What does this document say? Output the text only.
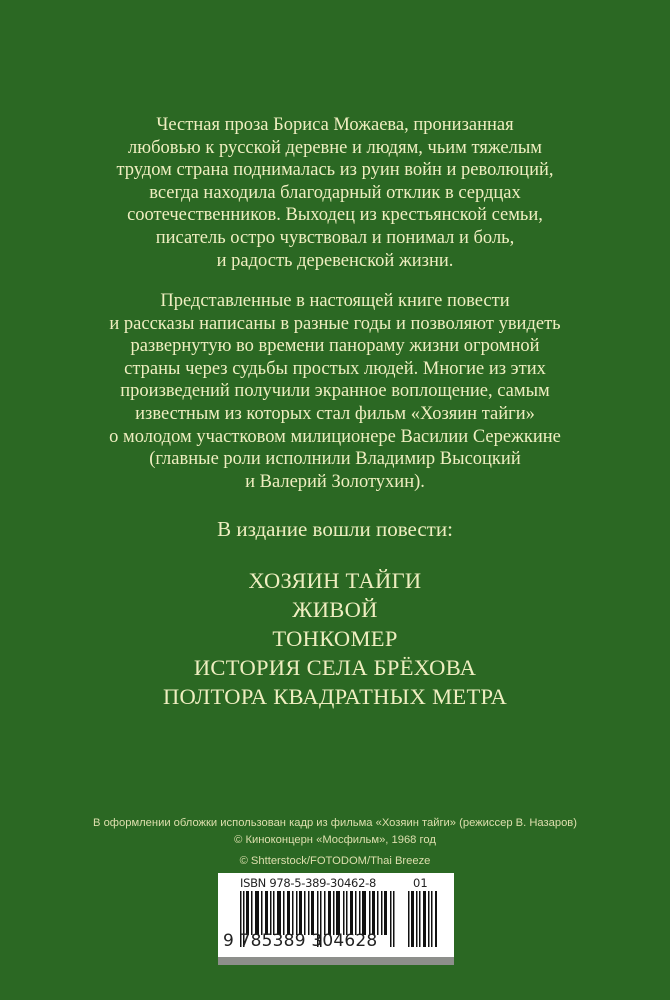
Честная проза Бориса Можаева, пронизанная
любовью к русской деревне и людям, чьим тяжелым
трудом страна поднималась из руин войн и революций,
всегда находила благодарный отклик в сердцах
соотечественников. Выходец из крестьянской семьи,
писатель остро чувствовал и понимал и боль,
и радость деревенской жизни.
Представленные в настоящей книге повести
и рассказы написаны в разные годы и позволяют увидеть
развернутую во времени панораму жизни огромной
страны через судьбы простых людей. Многие из этих
произведений получили экранное воплощение, самым
известным из которых стал фильм «Хозяин тайги»
о молодом участковом милиционере Василии Сережкине
(главные роли исполнили Владимир Высоцкий
и Валерий Золотухин).
В издание вошли повести:
ХОЗЯИН ТАЙГИ
ЖИВОЙ
ТОНКОМЕР
ИСТОРИЯ СЕЛА БРЁХОВА
ПОЛТОРА КВАДРАТНЫХ МЕТРА
В оформлении обложки использован кадр из фильма «Хозяин тайги» (режиссер В. Назаров)
© Киноконцерн «Мосфильм», 1968 год
© Shtterstock/FOTODOM/Thai Breeze
ISBN 978-5-389-30462-8	01
9 785389 304628
